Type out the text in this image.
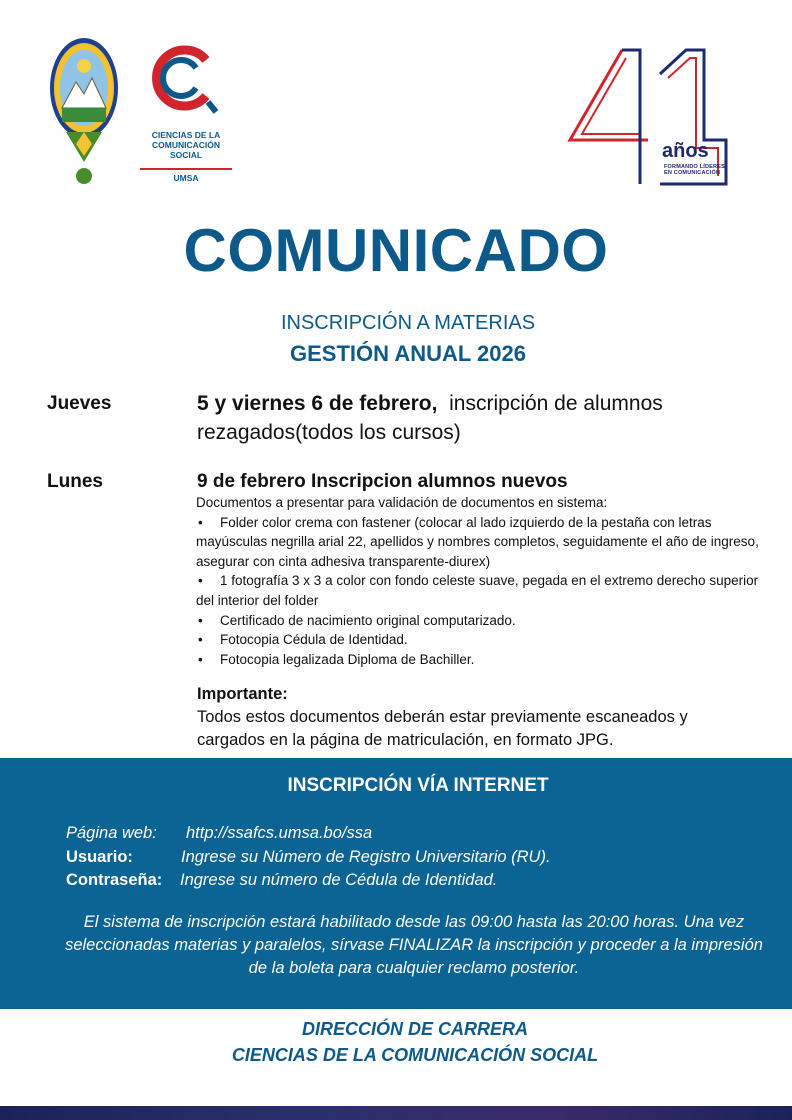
CIENCIAS DE LA COMUNICACIÓN SOCIAL
UMSA
años
FORMANDO LÍDERES EN COMUNICACIÓN
COMUNICADO
INSCRIPCIÓN A MATERIAS
GESTIÓN ANUAL 2026
Jueves	5 y viernes 6 de febrero,  inscripción de alumnos rezagados(todos los cursos)
Lunes	9 de febrero Inscripcion alumnos nuevos
Documentos a presentar para validación de documentos en sistema:
• Folder color crema con fastener (colocar al lado izquierdo de la pestaña con letras mayúsculas negrilla arial 22, apellidos y nombres completos, seguidamente el año de ingreso, asegurar con cinta adhesiva transparente-diurex)
• 1 fotografía 3 x 3 a color con fondo celeste suave, pegada en el extremo derecho superior del interior del folder
• Certificado de nacimiento original computarizado.
• Fotocopia Cédula de Identidad.
• Fotocopia legalizada Diploma de Bachiller.
Importante:
Todos estos documentos deberán estar previamente escaneados y cargados en la página de matriculación, en formato JPG.
INSCRIPCIÓN VÍA INTERNET
Página web: http://ssafcs.umsa.bo/ssa
Usuario:	Ingrese su Número de Registro Universitario (RU).
Contraseña: Ingrese su número de Cédula de Identidad.
El sistema de inscripción estará habilitado desde las 09:00 hasta las 20:00 horas. Una vez seleccionadas materias y paralelos, sírvase FINALIZAR la inscripción y proceder a la impresión de la boleta para cualquier reclamo posterior.
DIRECCIÓN DE CARRERA
CIENCIAS DE LA COMUNICACIÓN SOCIAL
